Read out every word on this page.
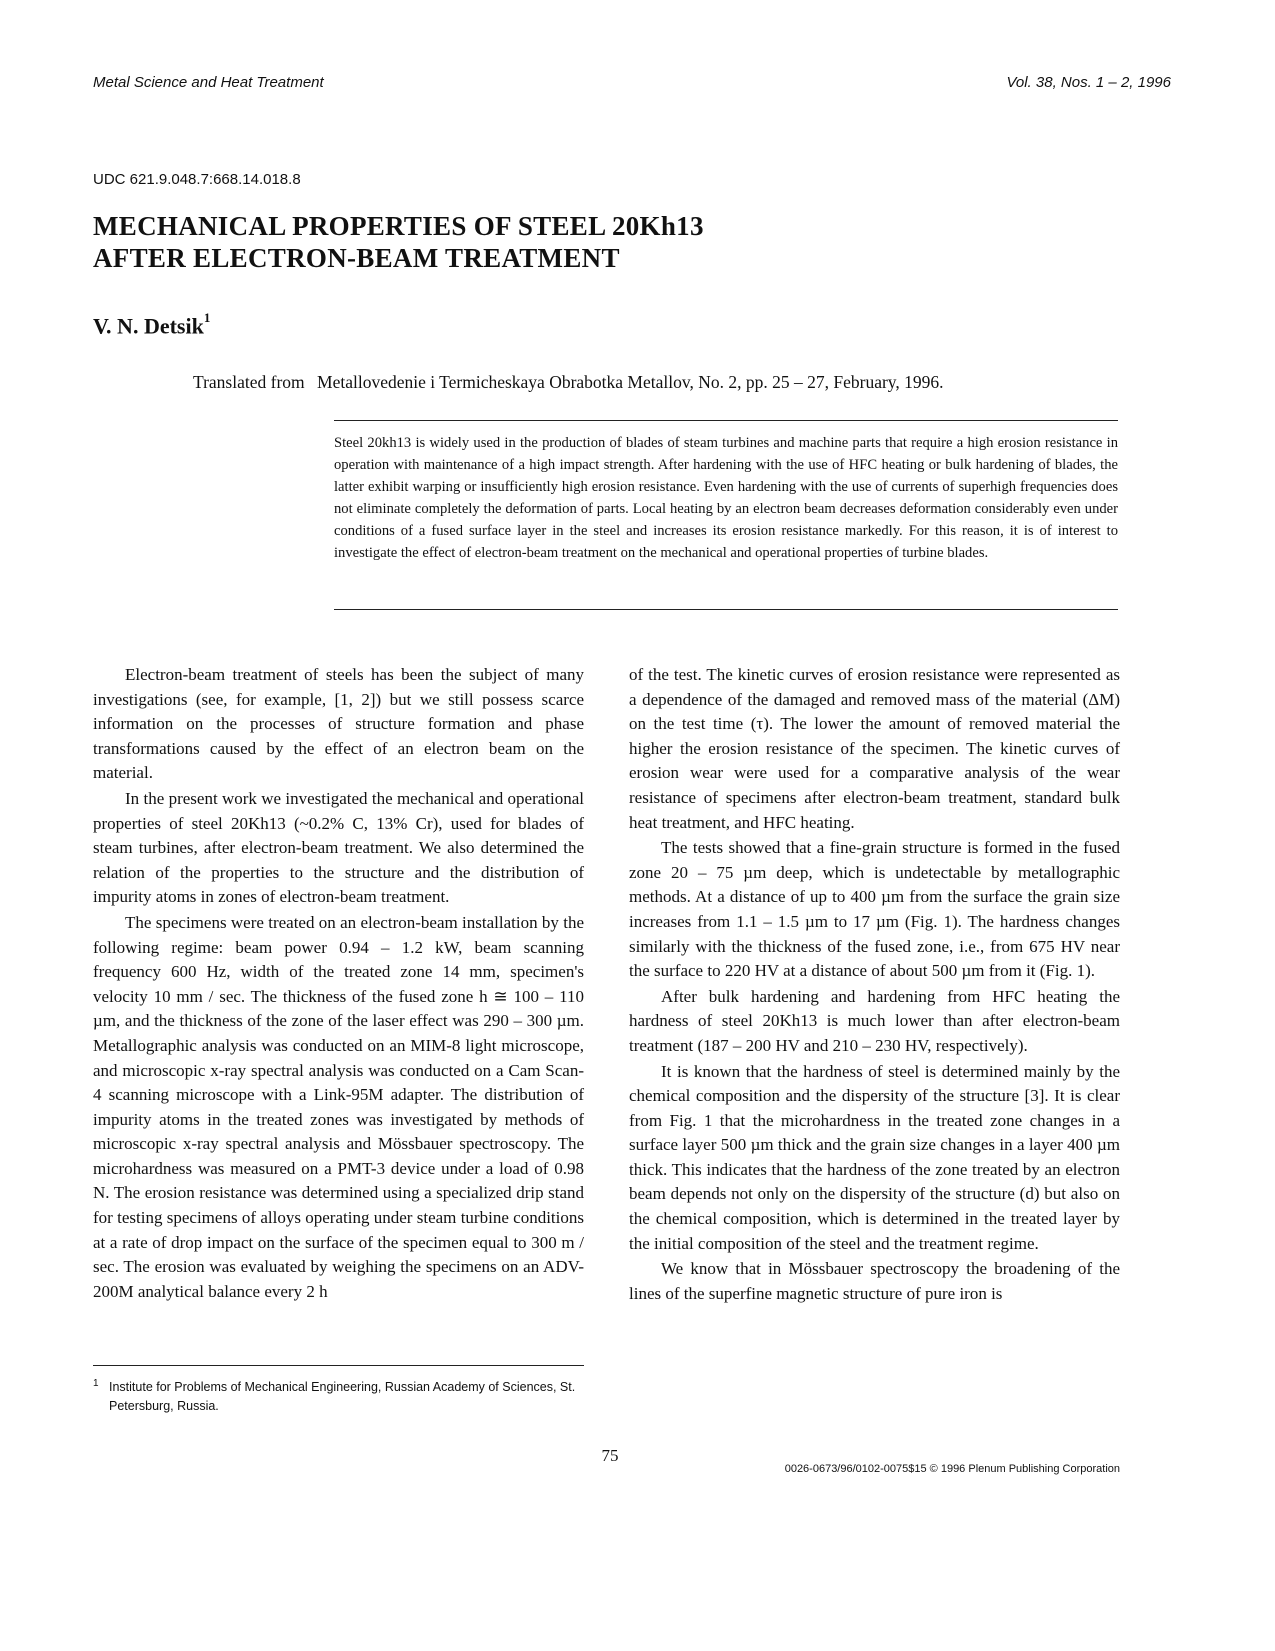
Metal Science and Heat Treatment	Vol. 38, Nos. 1 – 2, 1996
UDC 621.9.048.7:668.14.018.8
MECHANICAL PROPERTIES OF STEEL 20Kh13
AFTER ELECTRON-BEAM TREATMENT
V. N. Detsik$^1$
Translated from Metallovedenie i Termicheskaya Obrabotka Metallov, No. 2, pp. 25 – 27, February, 1996.

Steel 20kh13 is widely used in the production of blades of steam turbines and machine parts that require a high erosion resistance in operation with maintenance of a high impact strength. After hardening with the use of HFC heating or bulk hardening of blades, the latter exhibit warping or insufficiently high erosion resistance. Even hardening with the use of currents of superhigh frequencies does not eliminate completely the deformation of parts. Local heating by an electron beam decreases deformation considerably even under conditions of a fused surface layer in the steel and increases its erosion resistance markedly. For this reason, it is of interest to investigate the effect of electron-beam treatment on the mechanical and operational properties of turbine blades.

Electron-beam treatment of steels has been the subject of many investigations (see, for example, [1, 2]) but we still possess scarce information on the processes of structure formation and phase transformations caused by the effect of an electron beam on the material.

In the present work we investigated the mechanical and operational properties of steel 20Kh13 (~0.2% C, 13% Cr), used for blades of steam turbines, after electron-beam treatment. We also determined the relation of the properties to the structure and the distribution of impurity atoms in zones of electron-beam treatment.

The specimens were treated on an electron-beam installation by the following regime: beam power 0.94 – 1.2 kW, beam scanning frequency 600 Hz, width of the treated zone 14 mm, specimen's velocity 10 mm / sec. The thickness of the fused zone h ≅ 100 – 110 µm, and the thickness of the zone of the laser effect was 290 – 300 µm. Metallographic analysis was conducted on an MIM-8 light microscope, and microscopic x-ray spectral analysis was conducted on a Cam Scan-4 scanning microscope with a Link-95M adapter. The distribution of impurity atoms in the treated zones was investigated by methods of microscopic x-ray spectral analysis and Mössbauer spectroscopy. The microhardness was measured on a PMT-3 device under a load of 0.98 N. The erosion resistance was determined using a specialized drip stand for testing specimens of alloys operating under steam turbine conditions at a rate of drop impact on the surface of the specimen equal to 300 m / sec. The erosion was evaluated by weighing the specimens on an ADV-200M analytical balance every 2 h

of the test. The kinetic curves of erosion resistance were represented as a dependence of the damaged and removed mass of the material (ΔM) on the test time (τ). The lower the amount of removed material the higher the erosion resistance of the specimen. The kinetic curves of erosion wear were used for a comparative analysis of the wear resistance of specimens after electron-beam treatment, standard bulk heat treatment, and HFC heating.

The tests showed that a fine-grain structure is formed in the fused zone 20 – 75 µm deep, which is undetectable by metallographic methods. At a distance of up to 400 µm from the surface the grain size increases from 1.1 – 1.5 µm to 17 µm (Fig. 1). The hardness changes similarly with the thickness of the fused zone, i.e., from 675 HV near the surface to 220 HV at a distance of about 500 µm from it (Fig. 1).

After bulk hardening and hardening from HFC heating the hardness of steel 20Kh13 is much lower than after electron-beam treatment (187 – 200 HV and 210 – 230 HV, respectively).

It is known that the hardness of steel is determined mainly by the chemical composition and the dispersity of the structure [3]. It is clear from Fig. 1 that the microhardness in the treated zone changes in a surface layer 500 µm thick and the grain size changes in a layer 400 µm thick. This indicates that the hardness of the zone treated by an electron beam depends not only on the dispersity of the structure (d) but also on the chemical composition, which is determined in the treated layer by the initial composition of the steel and the treatment regime.

We know that in Mössbauer spectroscopy the broadening of the lines of the superfine magnetic structure of pure iron is

1 Institute for Problems of Mechanical Engineering, Russian Academy of Sciences, St. Petersburg, Russia.
75
0026-0673/96/0102-0075$15 © 1996 Plenum Publishing Corporation
